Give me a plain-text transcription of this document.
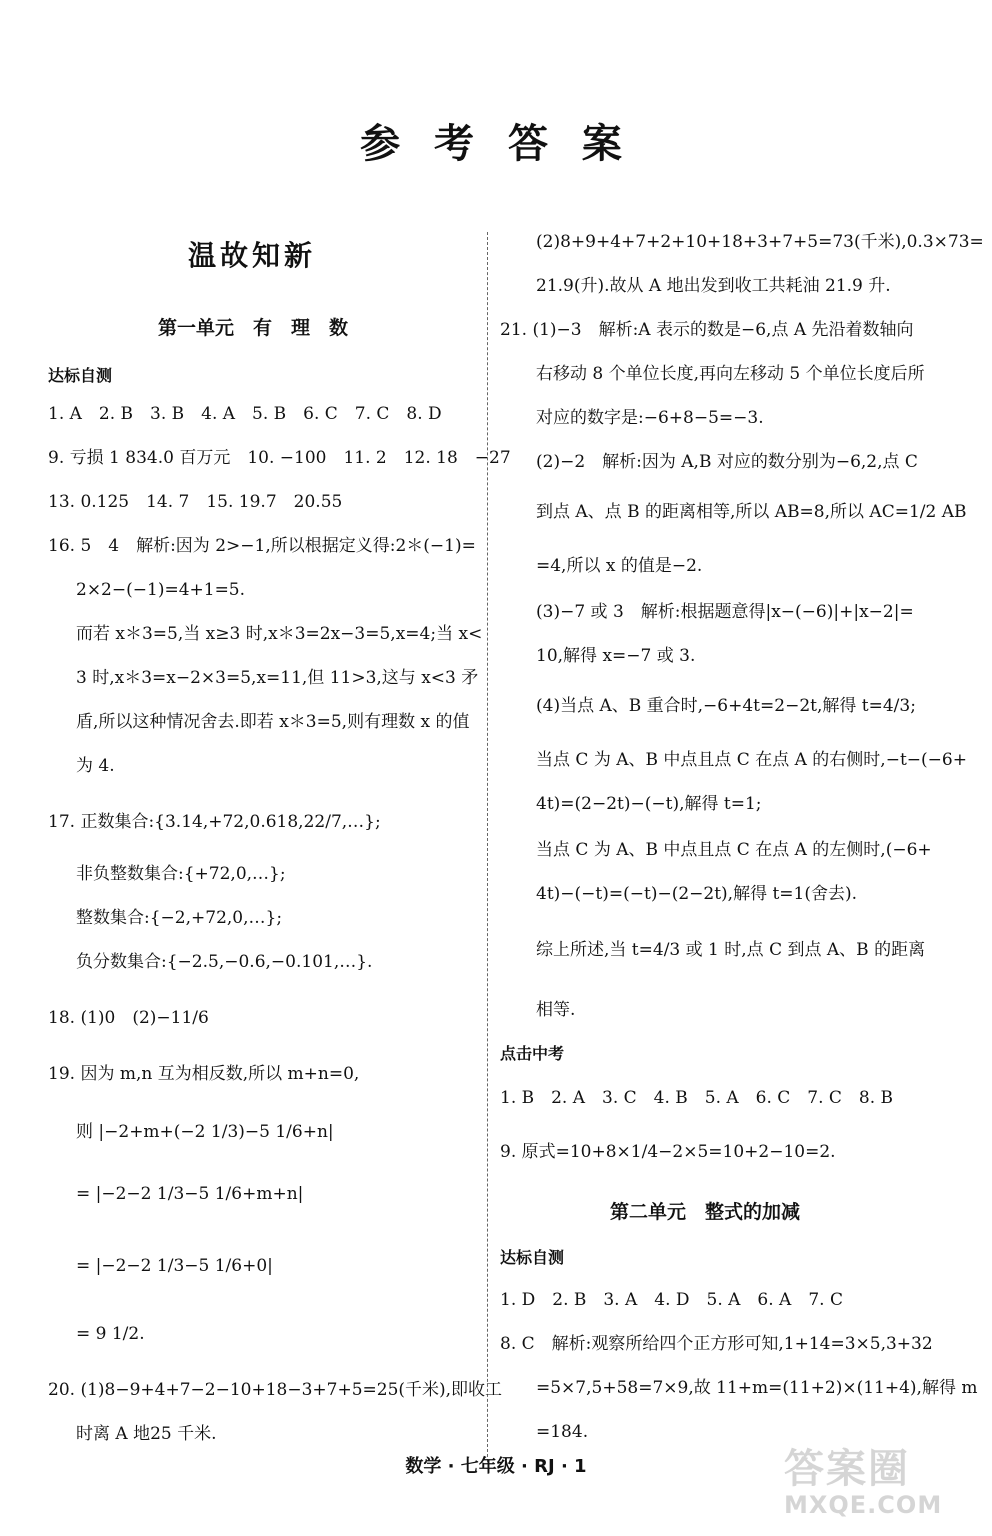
参 考 答 案
温故知新
第一单元　有　理　数
达标自测
1. A　2. B　3. B　4. A　5. B　6. C　7. C　8. D
9. 亏损 1 834.0 百万元　10. −100　11. 2　12. 18　−27
13. 0.125　14. 7　15. 19.7　20.55
16. 5　4　解析:因为 2>−1,所以根据定义得:2＊(−1)=
2×2−(−1)=4+1=5.
而若 x＊3=5,当 x≥3 时,x＊3=2x−3=5,x=4;当 x<
3 时,x＊3=x−2×3=5,x=11,但 11>3,这与 x<3 矛
盾,所以这种情况舍去.即若 x＊3=5,则有理数 x 的值
为 4.
17. 正数集合:{3.14,+72,0.618,22/7,…};
非负整数集合:{+72,0,…};
整数集合:{−2,+72,0,…};
负分数集合:{−2.5,−0.6,−0.101,…}.
18. (1)0　(2)−11/6
19. 因为 m,n 互为相反数,所以 m+n=0,
则 |−2+m+(−2 1/3)−5 1/6+n|
= |−2−2 1/3−5 1/6+m+n|
= |−2−2 1/3−5 1/6+0|
= 9 1/2.
20. (1)8−9+4+7−2−10+18−3+7+5=25(千米),即收工
时离 A 地25 千米.
(2)8+9+4+7+2+10+18+3+7+5=73(千米),0.3×73=
21.9(升).故从 A 地出发到收工共耗油 21.9 升.
21. (1)−3　解析:A 表示的数是−6,点 A 先沿着数轴向
右移动 8 个单位长度,再向左移动 5 个单位长度后所
对应的数字是:−6+8−5=−3.
(2)−2　解析:因为 A,B 对应的数分别为−6,2,点 C
到点 A、点 B 的距离相等,所以 AB=8,所以 AC=1/2 AB
=4,所以 x 的值是−2.
(3)−7 或 3　解析:根据题意得|x−(−6)|+|x−2|=
10,解得 x=−7 或 3.
(4)当点 A、B 重合时,−6+4t=2−2t,解得 t=4/3;
当点 C 为 A、B 中点且点 C 在点 A 的右侧时,−t−(−6+
4t)=(2−2t)−(−t),解得 t=1;
当点 C 为 A、B 中点且点 C 在点 A 的左侧时,(−6+
4t)−(−t)=(−t)−(2−2t),解得 t=1(舍去).
综上所述,当 t=4/3 或 1 时,点 C 到点 A、B 的距离
相等.
点击中考
1. B　2. A　3. C　4. B　5. A　6. C　7. C　8. B
9. 原式=10+8×1/4−2×5=10+2−10=2.
第二单元　整式的加减
达标自测
1. D　2. B　3. A　4. D　5. A　6. A　7. C
8. C　解析:观察所给四个正方形可知,1+14=3×5,3+32
=5×7,5+58=7×9,故 11+m=(11+2)×(11+4),解得 m
=184.
数学 · 七年级 · RJ · 1	答案圈
MXQE.COM
